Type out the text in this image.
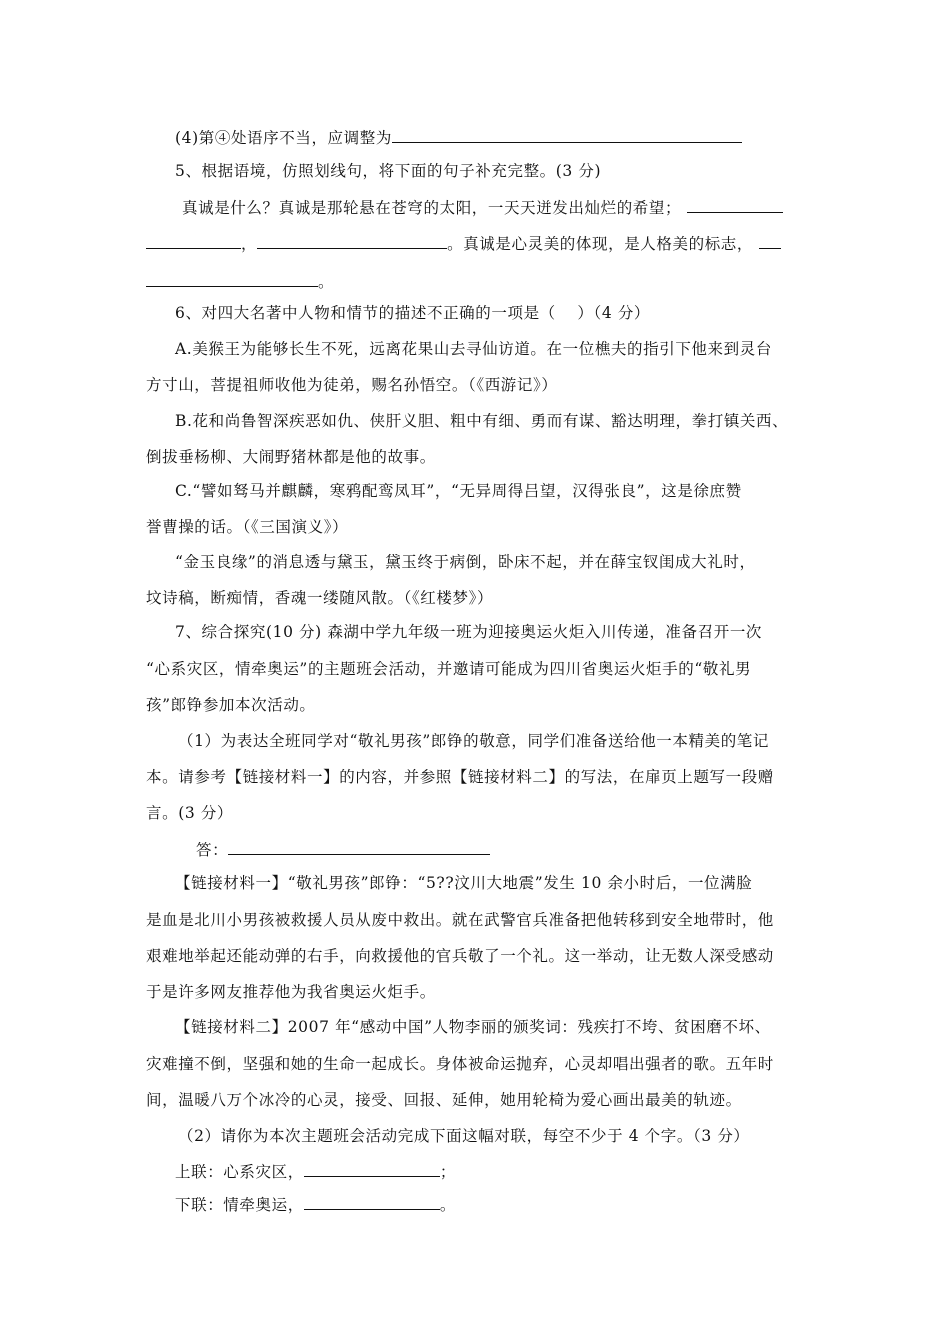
(4)第④处语序不当，应调整为
5、根据语境，仿照划线句，将下面的句子补充完整。(3 分)
真诚是什么？真诚是那轮悬在苍穹的太阳，一天天迸发出灿烂的希望；
，	。真诚是心灵美的体现，是人格美的标志，
。
6、对四大名著中人物和情节的描述不正确的一项是（　 ）（4 分）
A.美猴王为能够长生不死，远离花果山去寻仙访道。在一位樵夫的指引下他来到灵台
方寸山，菩提祖师收他为徒弟，赐名孙悟空。（《西游记》）
B.花和尚鲁智深疾恶如仇、侠肝义胆、粗中有细、勇而有谋、豁达明理，拳打镇关西、
倒拔垂杨柳、大闹野猪林都是他的故事。
C.“譬如驽马并麒麟，寒鸦配鸾凤耳”，“无异周得吕望，汉得张良”，这是徐庶赞
誉曹操的话。（《三国演义》）
“金玉良缘”的消息透与黛玉，黛玉终于病倒，卧床不起，并在薛宝钗闺成大礼时，
坟诗稿，断痴情，香魂一缕随风散。（《红楼梦》）
7、综合探究(10 分) 森湖中学九年级一班为迎接奥运火炬入川传递，准备召开一次
“心系灾区，情牵奥运”的主题班会活动，并邀请可能成为四川省奥运火炬手的“敬礼男
孩”郎铮参加本次活动。
（1）为表达全班同学对“敬礼男孩”郎铮的敬意，同学们准备送给他一本精美的笔记
本。请参考【链接材料一】的内容，并参照【链接材料二】的写法，在扉页上题写一段赠
言。(3 分）
答：
【链接材料一】“敬礼男孩”郎铮：“5??汶川大地震”发生 10 余小时后，一位满脸
是血是北川小男孩被救援人员从废中救出。就在武警官兵准备把他转移到安全地带时，他
艰难地举起还能动弹的右手，向救援他的官兵敬了一个礼。这一举动，让无数人深受感动
于是许多网友推荐他为我省奥运火炬手。
【链接材料二】2007 年“感动中国”人物李丽的颁奖词：残疾打不垮、贫困磨不坏、
灾难撞不倒，坚强和她的生命一起成长。身体被命运抛弃，心灵却唱出强者的歌。五年时
间，温暖八万个冰冷的心灵，接受、回报、延伸，她用轮椅为爱心画出最美的轨迹。
（2）请你为本次主题班会活动完成下面这幅对联，每空不少于 4 个字。（3 分）
上联：心系灾区，	；
下联：情牵奥运，	。
